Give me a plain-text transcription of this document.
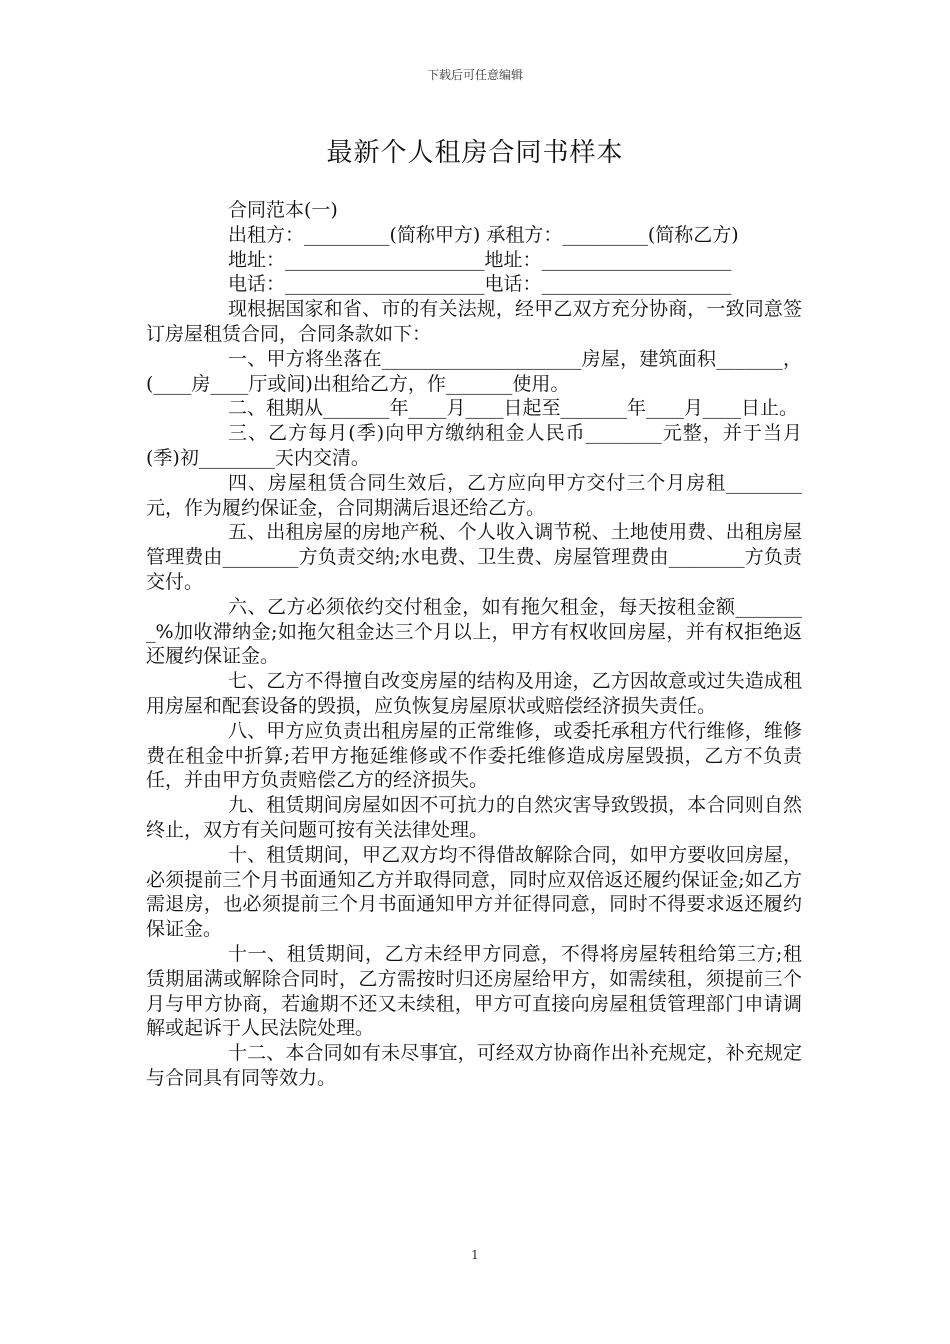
下载后可任意编辑
最新个人租房合同书样本

合同范本(一)

出租方：_________(简称甲方) 承租方：_________(简称乙方)

地址：_____________________地址：____________________

电话：_____________________电话：____________________

现根据国家和省、市的有关法规，经甲乙双方充分协商，一致同意签订房屋租赁合同，合同条款如下：

一、甲方将坐落在_____________________房屋，建筑面积_______，(____房____厅或间)出租给乙方，作_______使用。

二、租期从_______年____月____日起至_______年____月____日止。

三、乙方每月(季)向甲方缴纳租金人民币________元整，并于当月(季)初________天内交清。

四、房屋租赁合同生效后，乙方应向甲方交付三个月房租________元，作为履约保证金，合同期满后退还给乙方。

五、出租房屋的房地产税、个人收入调节税、土地使用费、出租房屋管理费由________方负责交纳;水电费、卫生费、房屋管理费由________方负责交付。

六、乙方必须依约交付租金，如有拖欠租金，每天按租金额________%加收滞纳金;如拖欠租金达三个月以上，甲方有权收回房屋，并有权拒绝返还履约保证金。

七、乙方不得擅自改变房屋的结构及用途，乙方因故意或过失造成租用房屋和配套设备的毁损，应负恢复房屋原状或赔偿经济损失责任。

八、甲方应负责出租房屋的正常维修，或委托承租方代行维修，维修费在租金中折算;若甲方拖延维修或不作委托维修造成房屋毁损，乙方不负责任，并由甲方负责赔偿乙方的经济损失。

九、租赁期间房屋如因不可抗力的自然灾害导致毁损，本合同则自然终止，双方有关问题可按有关法律处理。

十、租赁期间，甲乙双方均不得借故解除合同，如甲方要收回房屋，必须提前三个月书面通知乙方并取得同意，同时应双倍返还履约保证金;如乙方需退房，也必须提前三个月书面通知甲方并征得同意，同时不得要求返还履约保证金。

十一、租赁期间，乙方未经甲方同意，不得将房屋转租给第三方;租赁期届满或解除合同时，乙方需按时归还房屋给甲方，如需续租，须提前三个月与甲方协商，若逾期不还又未续租，甲方可直接向房屋租赁管理部门申请调解或起诉于人民法院处理。

十二、本合同如有未尽事宜，可经双方协商作出补充规定，补充规定与合同具有同等效力。

1
